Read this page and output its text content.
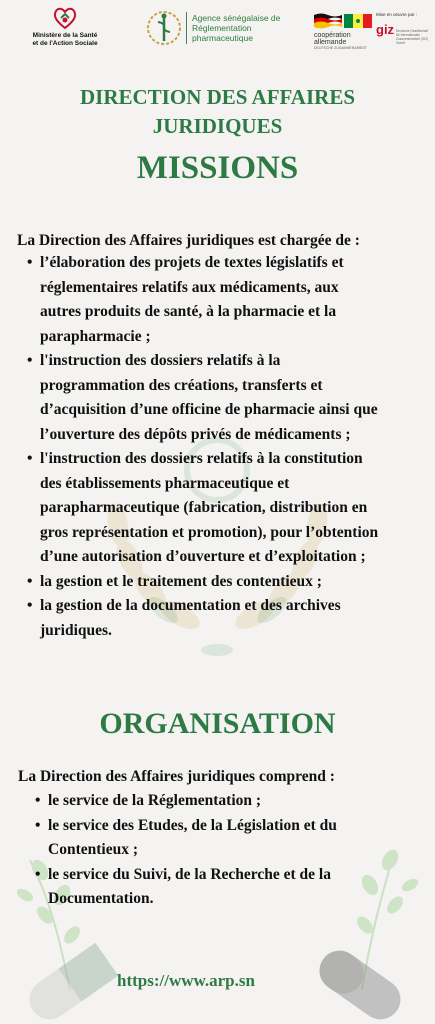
Ministère de la Santé
et de l'Action Sociale
Agence sénégalaise de
Réglementation
pharmaceutique	coopération
allemande
DEUTSCHE ZUSAMMENARBEIT
Mise en oeuvre par :
giz Deutsche Gesellschaft für Internationale Zusammenarbeit (GIZ) GmbH
DIRECTION DES AFFAIRES
JURIDIQUES
MISSIONS
La Direction des Affaires juridiques est chargée de :
• l’élaboration des projets de textes législatifs et
réglementaires relatifs aux médicaments, aux
autres produits de santé, à la pharmacie et la
parapharmacie ;
• l'instruction des dossiers relatifs à la
programmation des créations, transferts et
d’acquisition d’une officine de pharmacie ainsi que
l’ouverture des dépôts privés de médicaments ;
• l'instruction des dossiers relatifs à la constitution
des établissements pharmaceutique et
parapharmaceutique (fabrication, distribution en
gros représentation et promotion), pour l’obtention
d’une autorisation d’ouverture et d’exploitation ;
• la gestion et le traitement des contentieux ;
• la gestion de la documentation et des archives
juridiques.
ORGANISATION
La Direction des Affaires juridiques comprend :
• le service de la Réglementation ;
• le service des Etudes, de la Législation et du
Contentieux ;
• le service du Suivi, de la Recherche et de la
Documentation.
https://www.arp.sn
